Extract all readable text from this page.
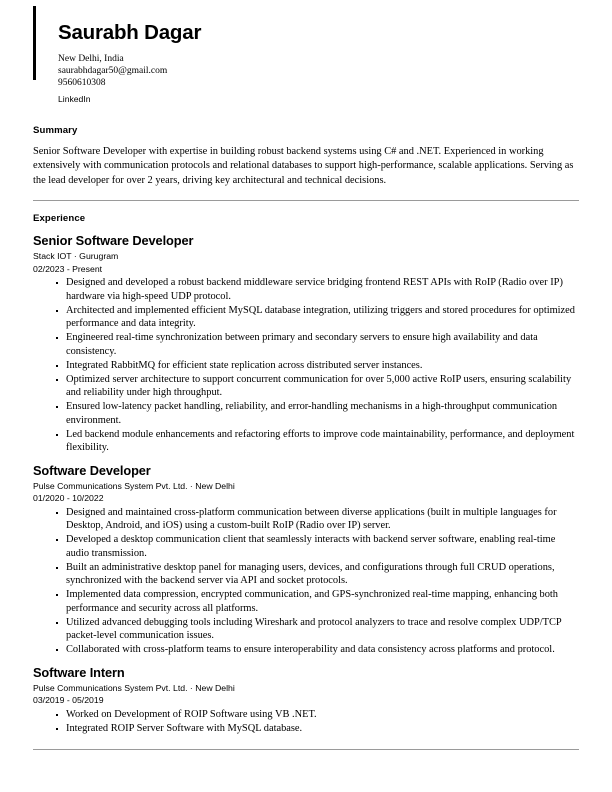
Saurabh Dagar

New Delhi, India

saurabhdagar50@gmail.com

9560610308

LinkedIn
Summary

Senior Software Developer with expertise in building robust backend systems using C# and .NET. Experienced in working extensively with communication protocols and relational databases to support high-performance, scalable applications. Serving as the lead developer for over 2 years, driving key architectural and technical decisions.

Experience
Senior Software Developer

Stack IOT · Gurugram

02/2023 - Present

Designed and developed a robust backend middleware service bridging frontend REST APIs with RoIP (Radio over IP) hardware via high-speed UDP protocol.
Architected and implemented efficient MySQL database integration, utilizing triggers and stored procedures for optimized performance and data integrity.
Engineered real-time synchronization between primary and secondary servers to ensure high availability and data consistency.
Integrated RabbitMQ for efficient state replication across distributed server instances.
Optimized server architecture to support concurrent communication for over 5,000 active RoIP users, ensuring scalability and reliability under high throughput.
Ensured low-latency packet handling, reliability, and error-handling mechanisms in a high-throughput communication environment.
Led backend module enhancements and refactoring efforts to improve code maintainability, performance, and deployment flexibility.
Software Developer

Pulse Communications System Pvt. Ltd. · New Delhi

01/2020 - 10/2022

Designed and maintained cross-platform communication between diverse applications (built in multiple languages for Desktop, Android, and iOS) using a custom-built RoIP (Radio over IP) server.
Developed a desktop communication client that seamlessly interacts with backend server software, enabling real-time audio transmission.
Built an administrative desktop panel for managing users, devices, and configurations through full CRUD operations, synchronized with the backend server via API and socket protocols.
Implemented data compression, encrypted communication, and GPS-synchronized real-time mapping, enhancing both performance and security across all platforms.
Utilized advanced debugging tools including Wireshark and protocol analyzers to trace and resolve complex UDP/TCP packet-level communication issues.
Collaborated with cross-platform teams to ensure interoperability and data consistency across platforms and protocol.
Software Intern

Pulse Communications System Pvt. Ltd. · New Delhi

03/2019 - 05/2019

Worked on Development of ROIP Software using VB .NET.
Integrated ROIP Server Software with MySQL database.
